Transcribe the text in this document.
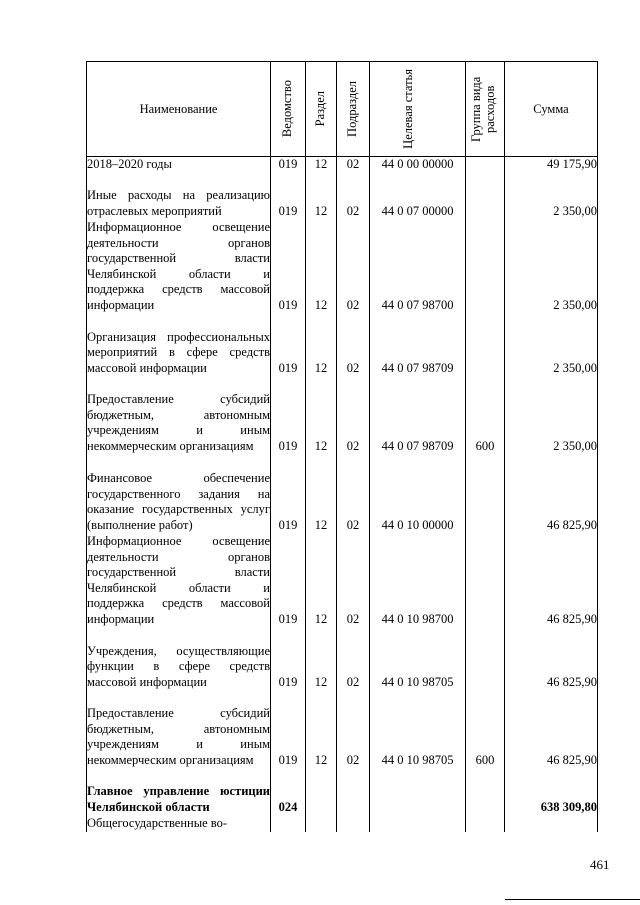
Наименование	Ведомство	Раздел	Подраздел	Целевая статья	Группа вида расходов	Сумма
2018–2020 годы	019	12	02	44 0 00 00000		49 175,90
Иные расходы на реализацию отраслевых мероприятий	019	12	02	44 0 07 00000		2 350,00
Информационное освещение деятельности органов государственной власти Челябинской области и поддержка средств массовой информации	019	12	02	44 0 07 98700		2 350,00
Организация профессиональных мероприятий в сфере средств массовой информации	019	12	02	44 0 07 98709		2 350,00
Предоставление субсидий бюджетным, автономным учреждениям и иным некоммерческим организациям	019	12	02	44 0 07 98709	600	2 350,00
Финансовое обеспечение государственного задания на оказание государственных услуг (выполнение работ)	019	12	02	44 0 10 00000		46 825,90
Информационное освещение деятельности органов государственной власти Челябинской области и поддержка средств массовой информации	019	12	02	44 0 10 98700		46 825,90
Учреждения, осуществляющие функции в сфере средств массовой информации	019	12	02	44 0 10 98705		46 825,90
Предоставление субсидий бюджетным, автономным учреждениям и иным некоммерческим организациям	019	12	02	44 0 10 98705	600	46 825,90
Главное управление юстиции Челябинской области	024					638 309,80
Общегосударственные во-						
461
